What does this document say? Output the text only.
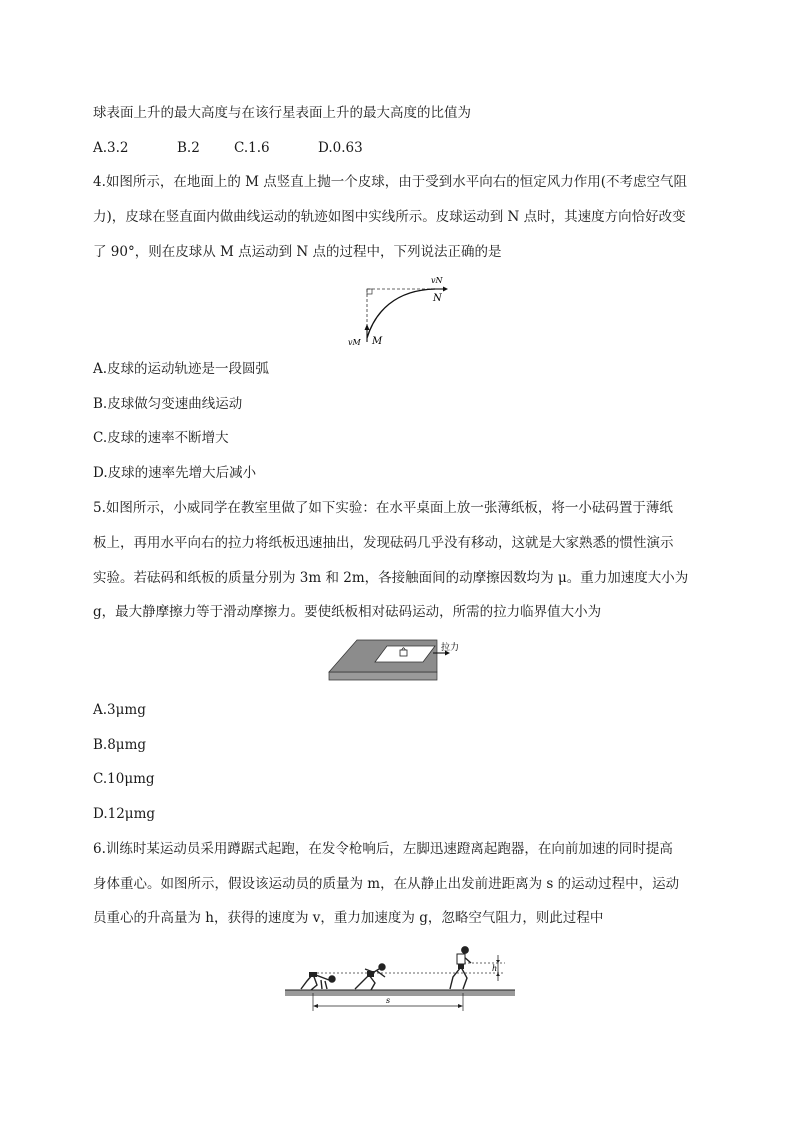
球表面上升的最大高度与在该行星表面上升的最大高度的比值为
A.3.2	B.2	C.1.6	D.0.63
4.如图所示，在地面上的 M 点竖直上抛一个皮球，由于受到水平向右的恒定风力作用(不考虑空气阻
力)，皮球在竖直面内做曲线运动的轨迹如图中实线所示。皮球运动到 N 点时，其速度方向恰好改变
了 90°，则在皮球从 M 点运动到 N 点的过程中，下列说法正确的是
vN
N
vM M
A.皮球的运动轨迹是一段圆弧
B.皮球做匀变速曲线运动
C.皮球的速率不断增大
D.皮球的速率先增大后减小
5.如图所示，小威同学在教室里做了如下实验：在水平桌面上放一张薄纸板，将一小砝码置于薄纸
板上，再用水平向右的拉力将纸板迅速抽出，发现砝码几乎没有移动，这就是大家熟悉的惯性演示
实验。若砝码和纸板的质量分别为 3m 和 2m，各接触面间的动摩擦因数均为 μ。重力加速度大小为
g，最大静摩擦力等于滑动摩擦力。要使纸板相对砝码运动，所需的拉力临界值大小为
拉力
A.3μmg
B.8μmg
C.10μmg
D.12μmg
6.训练时某运动员采用蹲踞式起跑，在发令枪响后，左脚迅速蹬离起跑器，在向前加速的同时提高
身体重心。如图所示，假设该运动员的质量为 m，在从静止出发前进距离为 s 的运动过程中，运动
员重心的升高量为 h，获得的速度为 v，重力加速度为 g，忽略空气阻力，则此过程中
h
s
